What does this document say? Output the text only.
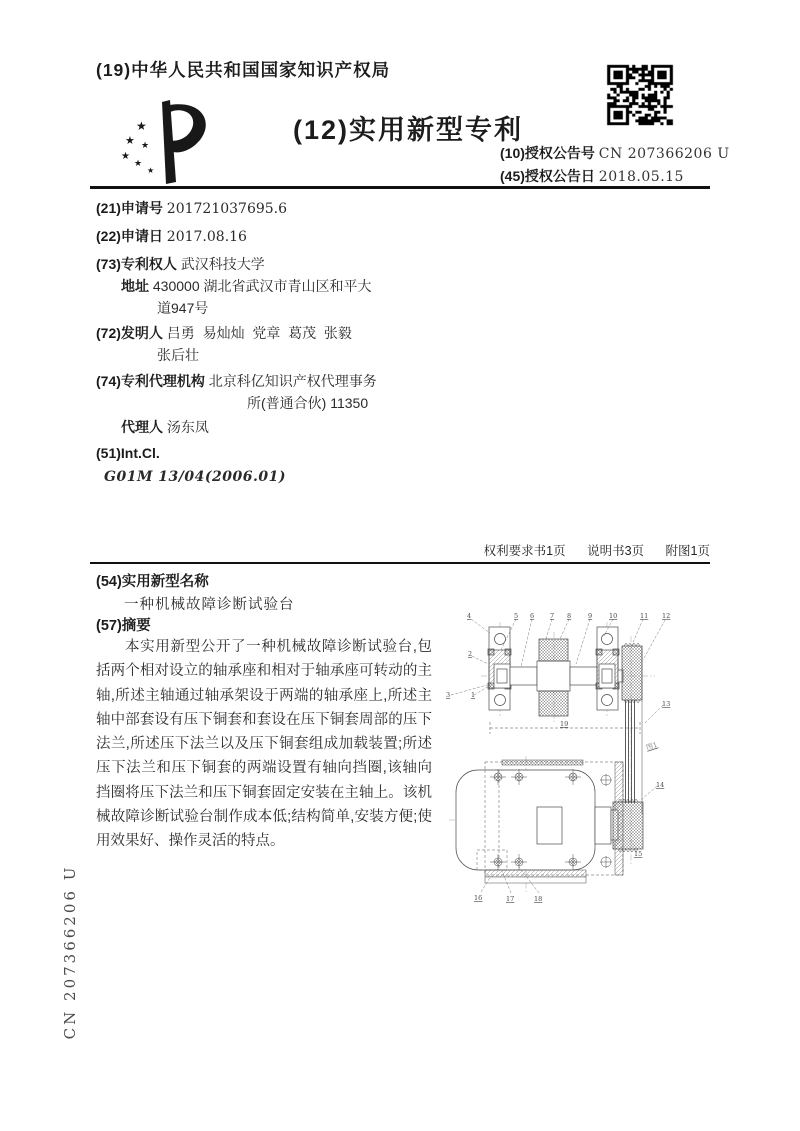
(19)中华人民共和国国家知识产权局
★
★ ★
★
★
★
(12)实用新型专利
(10)授权公告号 CN 207366206 U
(45)授权公告日 2018.05.15
(21)申请号 201721037695.6
(22)申请日 2017.08.16
(73)专利权人 武汉科技大学
地址 430000 湖北省武汉市青山区和平大
道947号
(72)发明人 吕勇  易灿灿  党章  葛茂  张毅
张后壮
(74)专利代理机构 北京科亿知识产权代理事务
所(普通合伙) 11350
代理人 汤东凤
(51)Int.Cl.
G01M 13/04(2006.01)
权利要求书1页 说明书3页 附图1页
(54)实用新型名称
一种机械故障诊断试验台
(57)摘要
本实用新型公开了一种机械故障诊断试验台,包括两个相对设立的轴承座和相对于轴承座可转动的主轴,所述主轴通过轴承架设于两端的轴承座上,所述主轴中部套设有压下铜套和套设在压下铜套周部的压下法兰,所述压下法兰以及压下铜套组成加载装置;所述压下法兰和压下铜套的两端设置有轴向挡圈,该轴向挡圈将压下法兰和压下铜套固定安装在主轴上。该机械故障诊断试验台制作成本低;结构简单,安装方便;使用效果好、操作灵活的特点。
4	5 6 7 8	9	10	11 12
2
3	1
13
19
14
15
16	17	18
图1
CN 207366206 U
